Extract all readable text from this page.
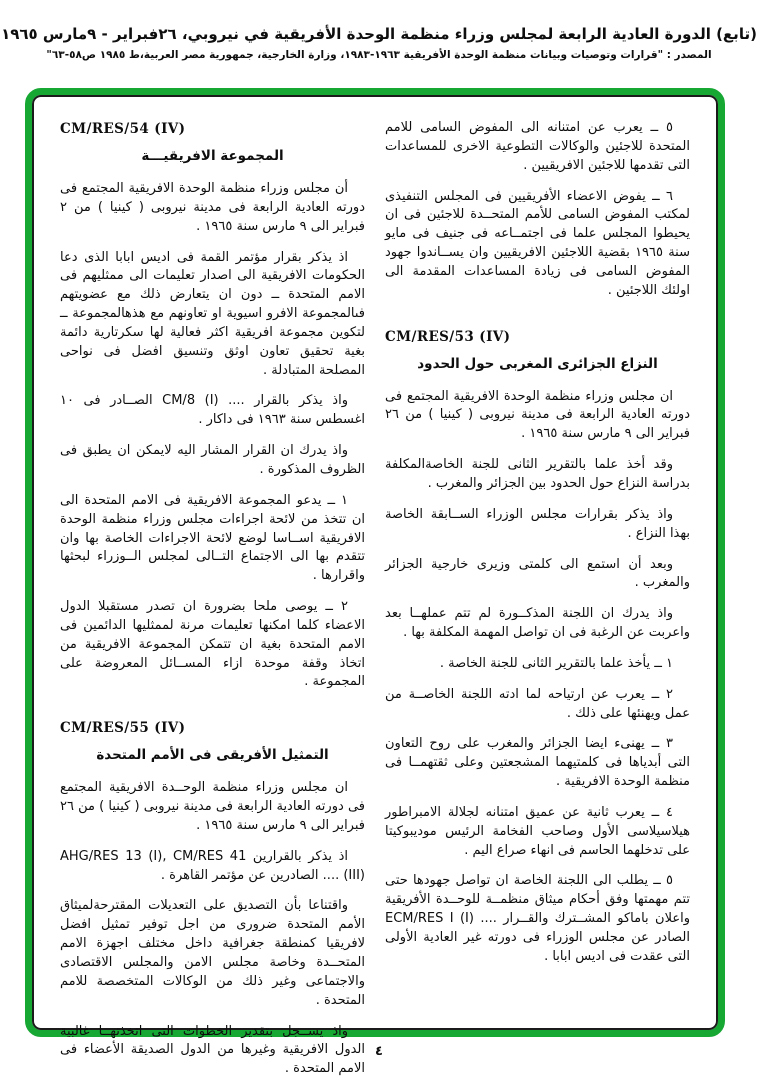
(تابع) الدورة العادية الرابعة لمجلس وزراء منظمة الوحدة الأفريقية في نيروبي، ٢٦فبراير - ٩مارس ١٩٦٥
المصدر : "قرارات وتوصيات وبيانات منظمة الوحدة الأفريقية ١٩٦٣-١٩٨٣، وزارة الخارجية، جمهورية مصر العربية،ط ١٩٨٥ ص٥٨-٦٣"

٥ ــ يعرب عن امتنانه الى المفوض السامى للامم المتحدة للاجئين والوكالات التطوعية الاخرى للمساعدات التى تقدمها للاجئين الافريقيين .

٦ ــ يفوض الاعضاء الأفريقيين فى المجلس التنفيذى لمكتب المفوض السامى للأمم المتحــدة للاجئين فى ان يحيطوا المجلس علما فى اجتمــاعه فى جنيف فى مايو سنة ١٩٦٥ بقضية اللاجئين الافريقيين وان يســاندوا جهود المفوض السامى فى زيادة المساعدات المقدمة الى اولئك اللاجئين .

CM/RES/53 (IV)
النزاع الجزائرى المغربى حول الحدود

ان مجلس وزراء منظمة الوحدة الافريقية المجتمع فى دورته العادية الرابعة فى مدينة نيروبى ( كينيا ) من ٢٦ فبراير الى ٩ مارس سنة ١٩٦٥ .

وقد أخذ علما بالتقرير الثانى للجنة الخاصةالمكلفة بدراسة النزاع حول الحدود بين الجزائر والمغرب .

واذ يذكر بقرارات مجلس الوزراء الســابقة الخاصة بهذا النزاع .

وبعد أن استمع الى كلمتى وزيرى خارجية الجزائر والمغرب .

واذ يدرك ان اللجنة المذكــورة لم تتم عملهــا بعد واعربت عن الرغبة فى ان تواصل المهمة المكلفة بها .

١ ــ يأخذ علما بالتقرير الثانى للجنة الخاصة .

٢ ــ يعرب عن ارتياحه لما ادته اللجنة الخاصــة من عمل ويهنئها على ذلك .

٣ ــ يهنىء ايضا الجزائر والمغرب على روح التعاون التى أبدياها فى كلمتيهما المشجعتين وعلى ثقتهمــا فى منظمة الوحدة الافريقية .

٤ ــ يعرب ثانية عن عميق امتنانه لجلالة الامبراطور هيلاسيلاسى الأول وصاحب الفخامة الرئيس موديبوكيتا على تدخلهما الحاسم فى انهاء صراع اليم .

٥ ــ يطلب الى اللجنة الخاصة ان تواصل جهودها حتى تتم مهمتها وفق أحكام ميثاق منظمــة للوحــدة الأفريقية واعلان باماكو المشــترك والقــرار .... ECM/RES I (I)‎ الصادر عن مجلس الوزراء فى دورته غير العادية الأولى التى عقدت فى اديس ابابا .

CM/RES/54 (IV)
المجموعة الافريقيـــة

أن مجلس وزراء منظمة الوحدة الافريقية المجتمع فى دورته العادية الرابعة فى مدينة نيروبى ( كينيا ) من ٢ فبراير الى ٩ مارس سنة ١٩٦٥ .

اذ يذكر بقرار مؤتمر القمة فى اديس ابابا الذى دعا الحكومات الافريقية الى اصدار تعليمات الى ممثليهم فى الامم المتحدة ــ دون ان يتعارض ذلك مع عضويتهم فىالمجموعة الافرو اسيوية او تعاونهم مع هذهالمجموعة ــ لتكوين مجموعة افريقية اكثر فعالية لها سكرتارية دائمة بغية تحقيق تعاون اوثق وتنسيق افضل فى نواحى المصلحة المتبادلة .

واذ يذكر بالقرار .... CM/8 (I)‎ الصــادر فى ١٠ اغسطس سنة ١٩٦٣ فى داكار .

واذ يدرك ان القرار المشار اليه لايمكن ان يطبق فى الظروف المذكورة .

١ ــ يدعو المجموعة الافريقية فى الامم المتحدة الى ان تتخذ من لائحة اجراءات مجلس وزراء منظمة الوحدة الافريقية اســاسا لوضع لائحة الاجراءات الخاصة بها وان تتقدم بها الى الاجتماع التــالى لمجلس الــوزراء لبحثها واقرارها .

٢ ــ يوصى ملحا بضرورة ان تصدر مستقبلا الدول الاعضاء كلما امكنها تعليمات مرنة لممثليها الدائمين فى الامم المتحدة بغية ان تتمكن المجموعة الافريقية من اتخاذ وقفة موحدة ازاء المســائل المعروضة على المجموعة .

CM/RES/55 (IV)
التمثيل الأفريقى فى الأمم المتحدة

ان مجلس وزراء منظمة الوحــدة الافريقية المجتمع فى دورته العادية الرابعة فى مدينة نيروبى ( كينيا ) من ٢٦ فبراير الى ٩ مارس سنة ١٩٦٥ .

اذ يذكر بالقرارين AHG/RES 13 (I), CM/RES 41 (III)‎ .... الصادرين عن مؤتمر القاهرة .

واقتناعا بأن التصديق على التعديلات المقترحةلميثاق الأمم المتحدة ضرورى من اجل توفير تمثيل افضل لافريقيا كمنطقة جغرافية داخل مختلف اجهزة الامم المتحــدة وخاصة مجلس الامن والمجلس الاقتصادى والاجتماعى وغير ذلك من الوكالات المتخصصة للامم المتحدة .

واذ يســجل بتقدير الخطوات التى اتخذتهــا غالبية الدول الافريقية وغيرها من الدول الصديقة الأعضاء فى الامم المتحدة .

٤
